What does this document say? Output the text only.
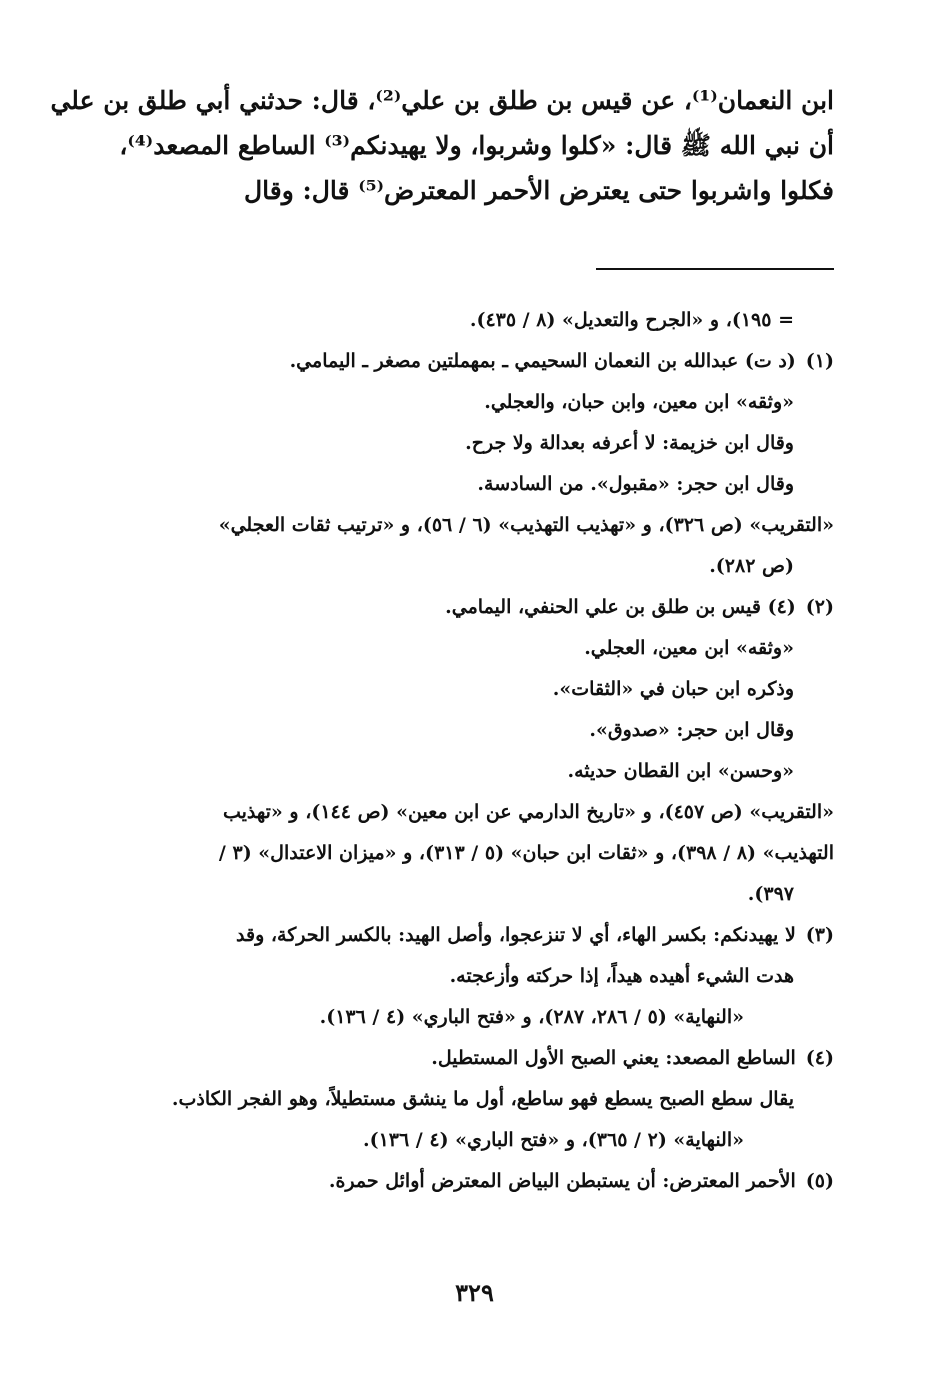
ابن النعمان⁽¹⁾، عن قيس بن طلق بن علي⁽²⁾، قال: حدثني أبي طلق بن علي
أن نبي الله ﷺ قال: «كلوا وشربوا، ولا يهيدنكم⁽³⁾ الساطع المصعد⁽⁴⁾،
فكلوا واشربوا حتى يعترض الأحمر المعترض⁽⁵⁾ قال: وقال
= ١٩٥)، و «الجرح والتعديل» (٨ / ٤٣٥).
(١)(د ت) عبدالله بن النعمان السحيمي ـ بمهملتين مصغر ـ اليمامي.
«وثقه» ابن معين، وابن حبان، والعجلي.
وقال ابن خزيمة: لا أعرفه بعدالة ولا جرح.
وقال ابن حجر: «مقبول». من السادسة.
«التقريب» (ص ٣٢٦)، و «تهذيب التهذيب» (٦ / ٥٦)، و «ترتيب ثقات العجلي»
(ص ٢٨٢).
(٢)(٤) قيس بن طلق بن علي الحنفي، اليمامي.
«وثقه» ابن معين، العجلي.
وذكره ابن حبان في «الثقات».
وقال ابن حجر: «صدوق».
«وحسن» ابن القطان حديثه.
«التقريب» (ص ٤٥٧)، و «تاريخ الدارمي عن ابن معين» (ص ١٤٤)، و «تهذيب
التهذيب» (٨ / ٣٩٨)، و «ثقات ابن حبان» (٥ / ٣١٣)، و «ميزان الاعتدال» (٣ /
٣٩٧).
(٣)لا يهيدنكم: بكسر الهاء، أي لا تنزعجوا، وأصل الهيد: بالكسر الحركة، وقد
هدت الشيء أهيده هيداً، إذا حركته وأزعجته.
«النهاية» (٥ / ٢٨٦، ٢٨٧)، و «فتح الباري» (٤ / ١٣٦).
(٤)الساطع المصعد: يعني الصبح الأول المستطيل.
يقال سطع الصبح يسطع فهو ساطع، أول ما ينشق مستطيلاً، وهو الفجر الكاذب.
«النهاية» (٢ / ٣٦٥)، و «فتح الباري» (٤ / ١٣٦).
(٥)الأحمر المعترض: أن يستبطن البياض المعترض أوائل حمرة.
٣٢٩
